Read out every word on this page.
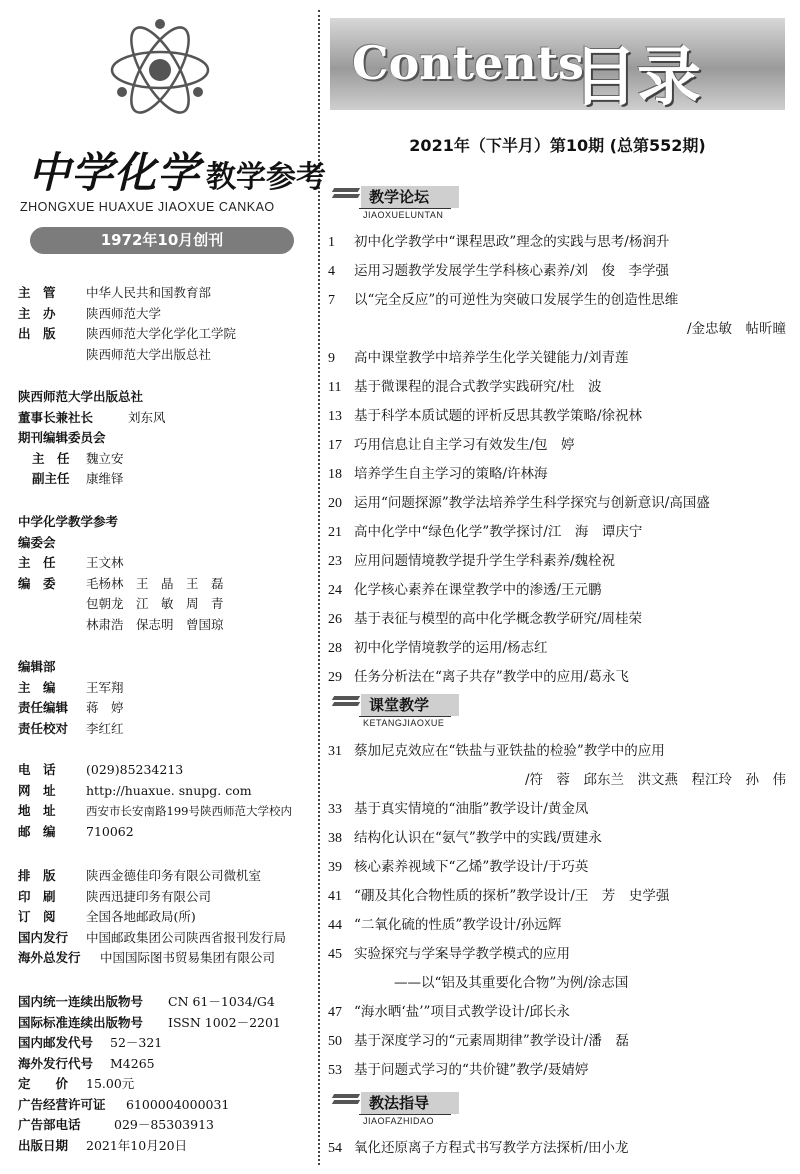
中学化学 教学参考
ZHONGXUE HUAXUE JIAOXUE CANKAO
1972年10月创刊
主　管	中华人民共和国教育部
主　办	陕西师范大学
出　版	陕西师范大学化学化工学院
陕西师范大学出版总社
陕西师范大学出版总社
董事长兼社长	刘东风
期刊编辑委员会
主　任	魏立安
副主任	康维铎
中学化学教学参考
编委会
主　任	王文林
编　委	毛杨林　王　晶　王　磊
包朝龙　江　敏　周　青
林肃浩　保志明　曾国琼
编辑部
主　编	王军翔
责任编辑	蒋　婷
责任校对	李红红
电　话	(029)85234213
网　址	http://huaxue. snupg. com
地　址	西安市长安南路199号陕西师范大学校内
邮　编	710062
排　版	陕西金德佳印务有限公司微机室
印　刷	陕西迅捷印务有限公司
订　阅	全国各地邮政局(所)
国内发行	中国邮政集团公司陕西省报刊发行局
海外总发行	中国国际图书贸易集团有限公司
国内统一连续出版物号	CN 61－1034/G4
国际标准连续出版物号	ISSN 1002－2201
国内邮发代号	52－321
海外发行代号	M4265
定　　价	15.00元
广告经营许可证	6100004000031
广告部电话	029－85303913
出版日期	2021年10月20日
Contents
目录
2021年（下半月）第10期 (总第552期)
教学论坛
JIAOXUELUNTAN
1 初中化学教学中“课程思政”理念的实践与思考/杨润升
4 运用习题教学发展学生学科核心素养/刘　俊　李学强
7 以“完全反应”的可逆性为突破口发展学生的创造性思维
/金忠敏　帖昕曈
9 高中课堂教学中培养学生化学关键能力/刘青莲
11 基于微课程的混合式教学实践研究/杜　波
13 基于科学本质试题的评析反思其教学策略/徐祝林
17 巧用信息让自主学习有效发生/包　婷
18 培养学生自主学习的策略/许林海
20 运用“问题探源”教学法培养学生科学探究与创新意识/高国盛
21 高中化学中“绿色化学”教学探讨/江　海　谭庆宁
23 应用问题情境教学提升学生学科素养/魏栓祝
24 化学核心素养在课堂教学中的渗透/王元鹏
26 基于表征与模型的高中化学概念教学研究/周桂荣
28 初中化学情境教学的运用/杨志红
29 任务分析法在“离子共存”教学中的应用/葛永飞
课堂教学
KETANGJIAOXUE
31 蔡加尼克效应在“铁盐与亚铁盐的检验”教学中的应用
/符　蓉　邱东兰　洪文燕　程江玲　孙　伟
33 基于真实情境的“油脂”教学设计/黄金凤
38 结构化认识在“氨气”教学中的实践/贾建永
39 核心素养视域下“乙烯”教学设计/于巧英
41 “硼及其化合物性质的探析”教学设计/王　芳　史学强
44 “二氧化硫的性质”教学设计/孙远辉
45 实验探究与学案导学教学模式的应用
——以“铝及其重要化合物”为例/涂志国
47 “海水晒‘盐’”项目式教学设计/邱长永
50 基于深度学习的“元素周期律”教学设计/潘　磊
53 基于问题式学习的“共价键”教学/聂婧婷
教法指导
JIAOFAZHIDAO
54 氧化还原离子方程式书写教学方法探析/田小龙
